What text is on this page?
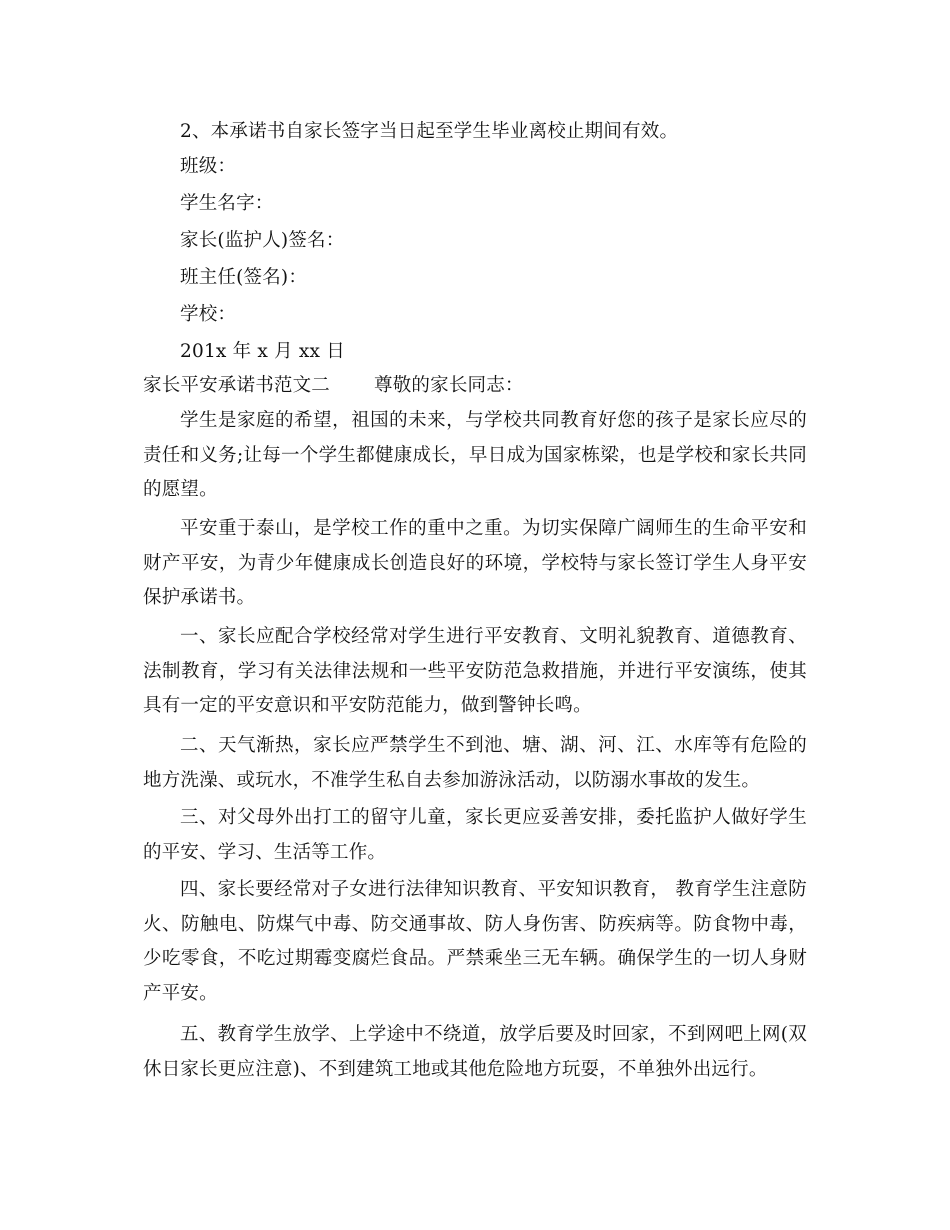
2、本承诺书自家长签字当日起至学生毕业离校止期间有效。
班级：
学生名字：
家长(监护人)签名：
班主任(签名)：
学校：
201x 年 x 月 xx 日
家长平安承诺书范文二 尊敬的家长同志：

学生是家庭的希望，祖国的未来，与学校共同教育好您的孩子是家长应尽的责任和义务;让每一个学生都健康成长，早日成为国家栋梁，也是学校和家长共同的愿望。

平安重于泰山，是学校工作的重中之重。为切实保障广阔师生的生命平安和财产平安，为青少年健康成长创造良好的环境，学校特与家长签订学生人身平安保护承诺书。

一、家长应配合学校经常对学生进行平安教育、文明礼貌教育、道德教育、法制教育，学习有关法律法规和一些平安防范急救措施，并进行平安演练，使其具有一定的平安意识和平安防范能力，做到警钟长鸣。

二、天气渐热，家长应严禁学生不到池、塘、湖、河、江、水库等有危险的地方洗澡、或玩水，不准学生私自去参加游泳活动，以防溺水事故的发生。

三、对父母外出打工的留守儿童，家长更应妥善安排，委托监护人做好学生的平安、学习、生活等工作。

四、家长要经常对子女进行法律知识教育、平安知识教育， 教育学生注意防火、防触电、防煤气中毒、防交通事故、防人身伤害、防疾病等。防食物中毒，少吃零食，不吃过期霉变腐烂食品。严禁乘坐三无车辆。确保学生的一切人身财产平安。

五、教育学生放学、上学途中不绕道，放学后要及时回家，不到网吧上网(双休日家长更应注意)、不到建筑工地或其他危险地方玩耍，不单独外出远行。
